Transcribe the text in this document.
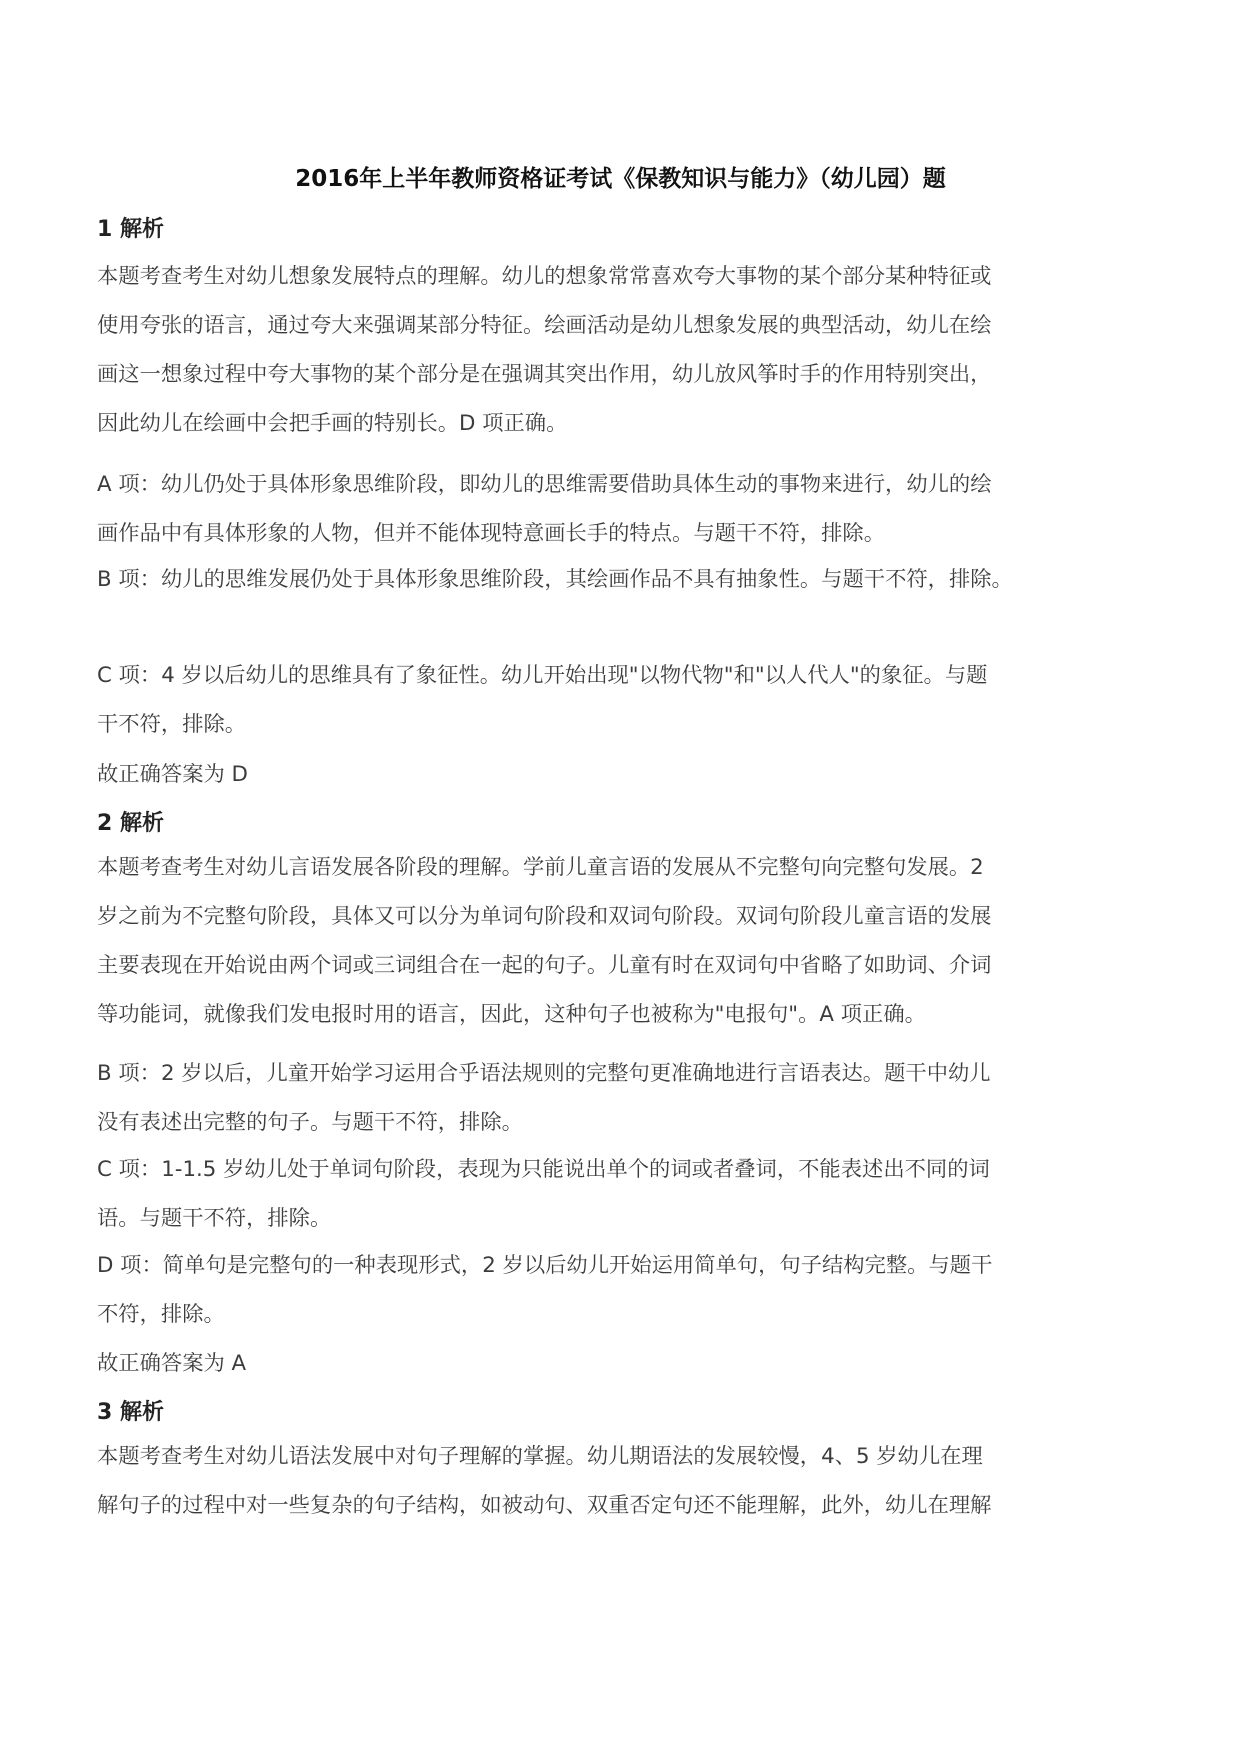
2016年上半年教师资格证考试《保教知识与能力》（幼儿园）题
1 解析

本题考查考生对幼儿想象发展特点的理解。幼儿的想象常常喜欢夸大事物的某个部分某种特征或
使用夸张的语言，通过夸大来强调某部分特征。绘画活动是幼儿想象发展的典型活动，幼儿在绘
画这一想象过程中夸大事物的某个部分是在强调其突出作用，幼儿放风筝时手的作用特别突出，
因此幼儿在绘画中会把手画的特别长。D 项正确。

A 项：幼儿仍处于具体形象思维阶段，即幼儿的思维需要借助具体生动的事物来进行，幼儿的绘
画作品中有具体形象的人物，但并不能体现特意画长手的特点。与题干不符，排除。

B 项：幼儿的思维发展仍处于具体形象思维阶段，其绘画作品不具有抽象性。与题干不符，排除。

C 项：4 岁以后幼儿的思维具有了象征性。幼儿开始出现"以物代物"和"以人代人"的象征。与题
干不符，排除。

故正确答案为 D

2 解析

本题考查考生对幼儿言语发展各阶段的理解。学前儿童言语的发展从不完整句向完整句发展。2
岁之前为不完整句阶段，具体又可以分为单词句阶段和双词句阶段。双词句阶段儿童言语的发展
主要表现在开始说由两个词或三词组合在一起的句子。儿童有时在双词句中省略了如助词、介词
等功能词，就像我们发电报时用的语言，因此，这种句子也被称为"电报句"。A 项正确。

B 项：2 岁以后，儿童开始学习运用合乎语法规则的完整句更准确地进行言语表达。题干中幼儿
没有表述出完整的句子。与题干不符，排除。

C 项：1-1.5 岁幼儿处于单词句阶段，表现为只能说出单个的词或者叠词，不能表述出不同的词
语。与题干不符，排除。

D 项：简单句是完整句的一种表现形式，2 岁以后幼儿开始运用简单句，句子结构完整。与题干
不符，排除。

故正确答案为 A

3 解析

本题考查考生对幼儿语法发展中对句子理解的掌握。幼儿期语法的发展较慢，4、5 岁幼儿在理
解句子的过程中对一些复杂的句子结构，如被动句、双重否定句还不能理解，此外，幼儿在理解
